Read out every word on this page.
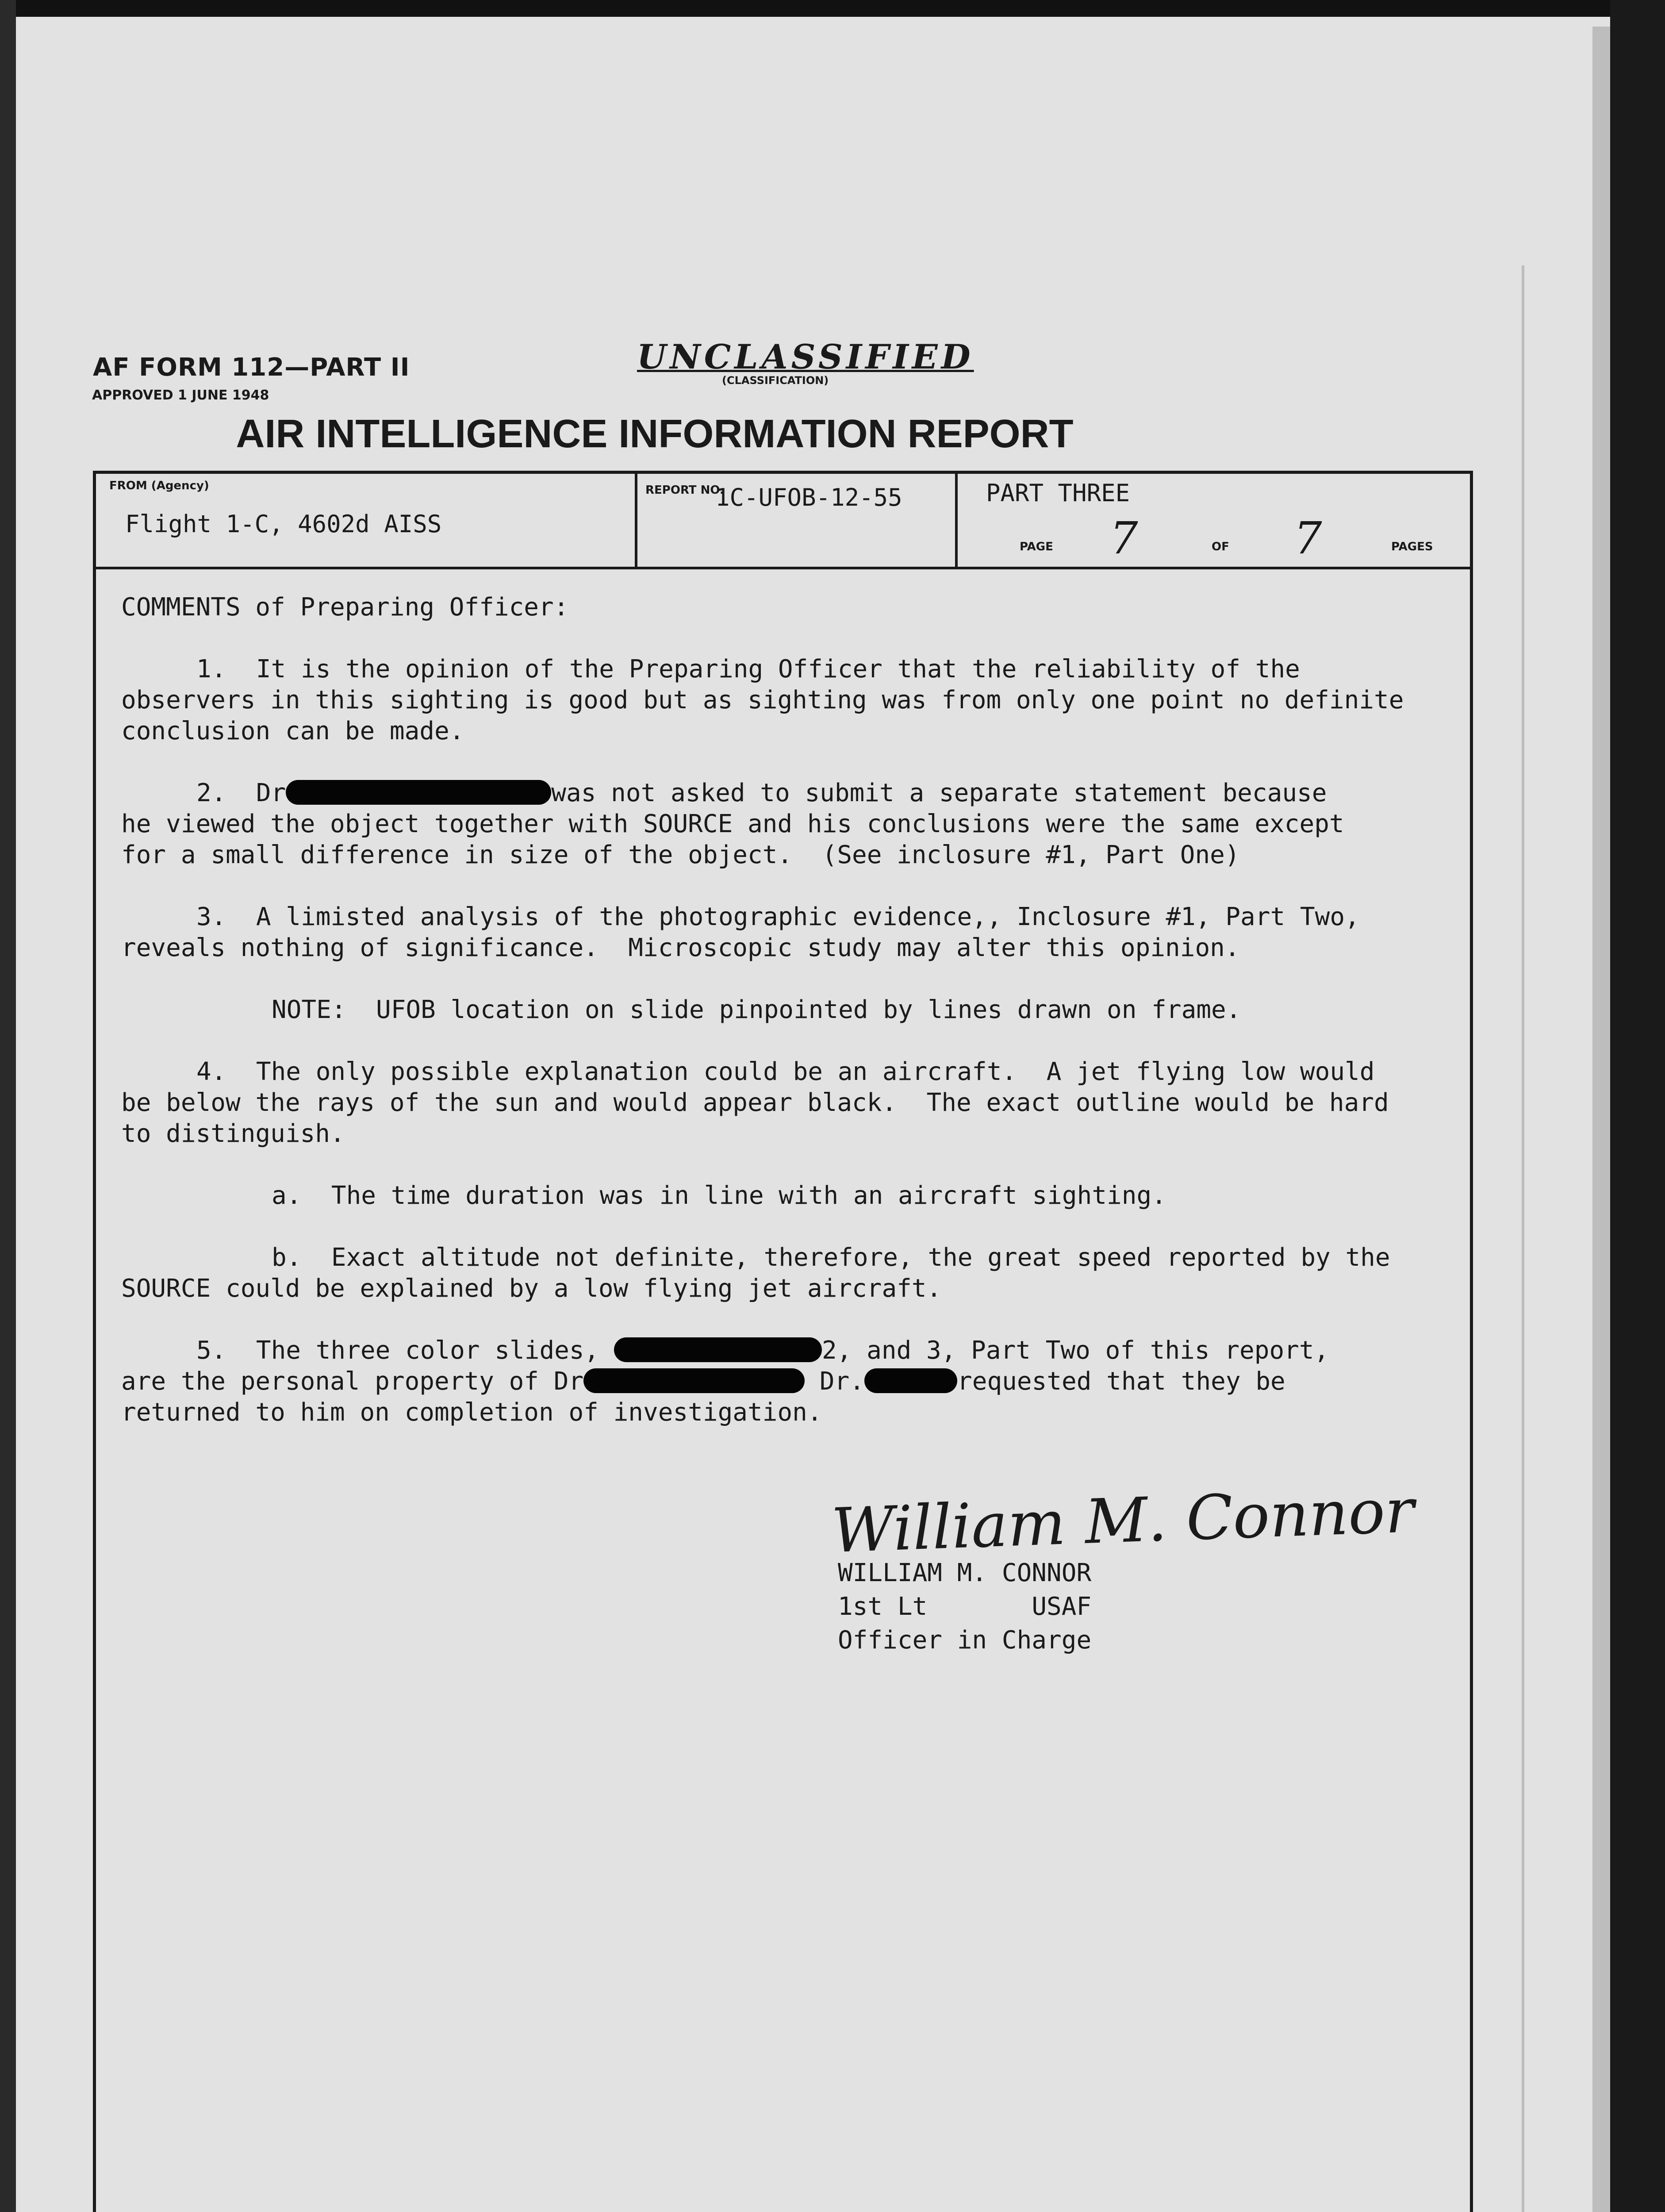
AF FORM 112—PART II
APPROVED 1 JUNE 1948
UNCLASSIFIED
(CLASSIFICATION)
AIR INTELLIGENCE INFORMATION REPORT
FROM (Agency)
Flight 1-C, 4602d AISS
REPORT NO.
1C-UFOB-12-55	PART THREE
PAGE 7	OF 7	PAGES

COMMENTS of Preparing Officer:

1.  It is the opinion of the Preparing Officer that the reliability of the
observers in this sighting is good but as sighting was from only one point no definite
conclusion can be made.

2.  Dr	was not asked to submit a separate statement because
he viewed the object together with SOURCE and his conclusions were the same except
for a small difference in size of the object.  (See inclosure #1, Part One)

3.  A limisted analysis of the photographic evidence,, Inclosure #1, Part Two,
reveals nothing of significance.  Microscopic study may alter this opinion.

NOTE:  UFOB location on slide pinpointed by lines drawn on frame.

4.  The only possible explanation could be an aircraft.  A jet flying low would
be below the rays of the sun and would appear black.  The exact outline would be hard
to distinguish.

a.  The time duration was in line with an aircraft sighting.

b.  Exact altitude not definite, therefore, the great speed reported by the
SOURCE could be explained by a low flying jet aircraft.

5.  The three color slides,	2, and 3, Part Two of this report,
are the personal property of Dr	Dr.	requested that they be
returned to him on completion of investigation.

William M. Connor
WILLIAM M. CONNOR
1st Lt	USAF
Officer in Charge
